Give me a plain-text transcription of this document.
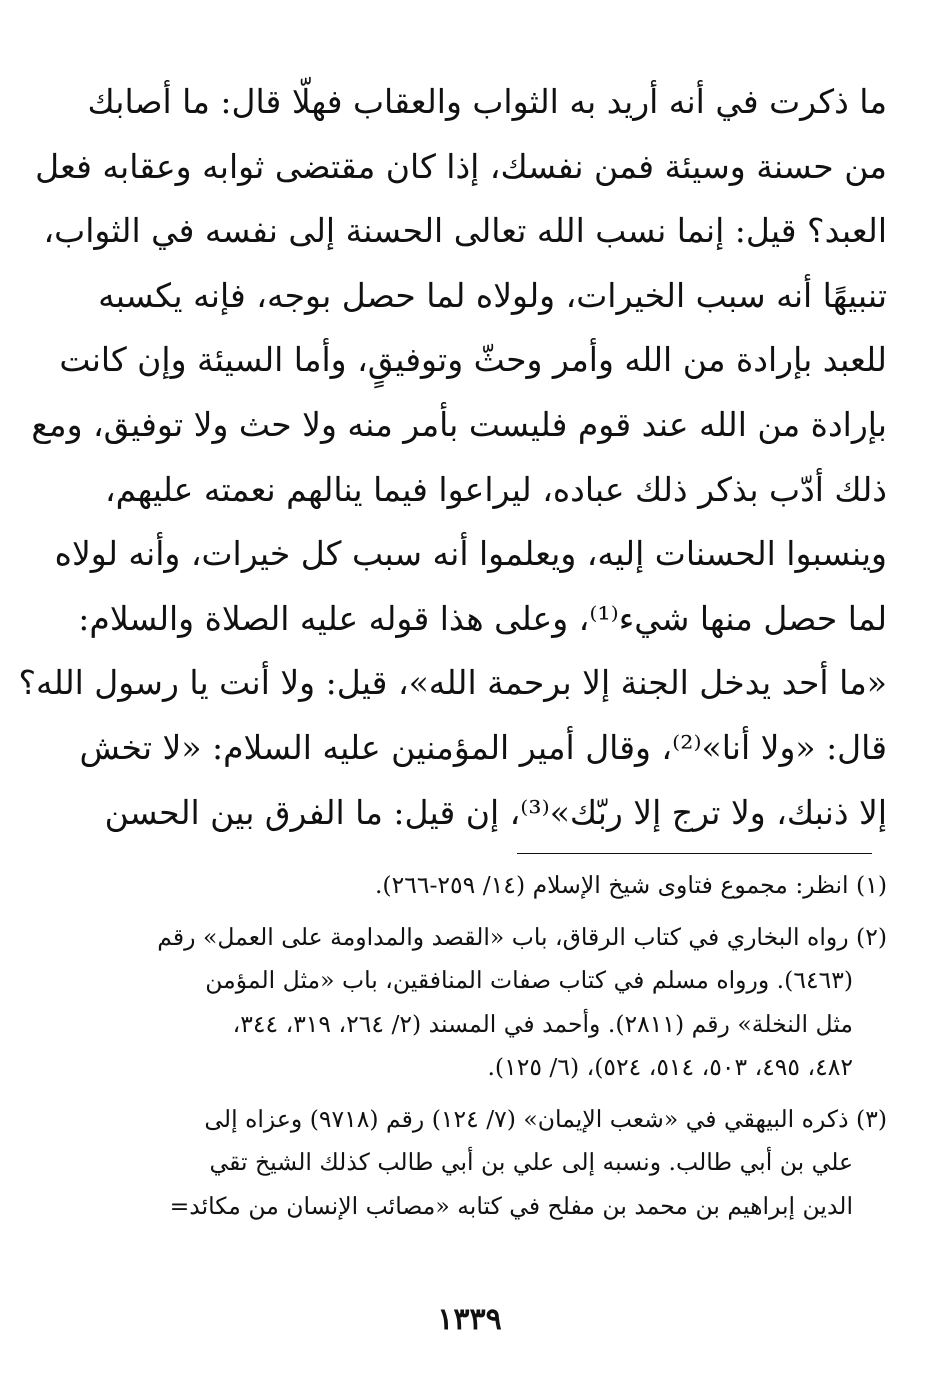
ما ذكرت في أنه أريد به الثواب والعقاب فهلّا قال: ما أصابك
من حسنة وسيئة فمن نفسك، إذا كان مقتضى ثوابه وعقابه فعل
العبد؟ قيل: إنما نسب الله تعالى الحسنة إلى نفسه في الثواب،
تنبيهًا أنه سبب الخيرات، ولولاه لما حصل بوجه، فإنه يكسبه
للعبد بإرادة من الله وأمر وحثّ وتوفيقٍ، وأما السيئة وإن كانت
بإرادة من الله عند قوم فليست بأمر منه ولا حث ولا توفيق، ومع
ذلك أدّب بذكر ذلك عباده، ليراعوا فيما ينالهم نعمته عليهم،
وينسبوا الحسنات إليه، ويعلموا أنه سبب كل خيرات، وأنه لولاه
لما حصل منها شيء⁽¹⁾، وعلى هذا قوله عليه الصلاة والسلام:
«ما أحد يدخل الجنة إلا برحمة الله»، قيل: ولا أنت يا رسول الله؟
قال: «ولا أنا»⁽²⁾، وقال أمير المؤمنين عليه السلام: «لا تخش
إلا ذنبك، ولا ترج إلا ربّك»⁽³⁾، إن قيل: ما الفرق بين الحسن
(١) انظر: مجموع فتاوى شيخ الإسلام (١٤/ ٢٥٩-٢٦٦).
(٢) رواه البخاري في كتاب الرقاق، باب «القصد والمداومة على العمل» رقم
(٦٤٦٣). ورواه مسلم في كتاب صفات المنافقين، باب «مثل المؤمن
مثل النخلة» رقم (٢٨١١). وأحمد في المسند (٢/ ٢٦٤، ٣١٩، ٣٤٤،
٤٨٢، ٤٩٥، ٥٠٣، ٥١٤، ٥٢٤)، (٦/ ١٢٥).
(٣) ذكره البيهقي في «شعب الإيمان» (٧/ ١٢٤) رقم (٩٧١٨) وعزاه إلى
علي بن أبي طالب. ونسبه إلى علي بن أبي طالب كذلك الشيخ تقي
الدين إبراهيم بن محمد بن مفلح في كتابه «مصائب الإنسان من مكائد=
١٣٣٩
